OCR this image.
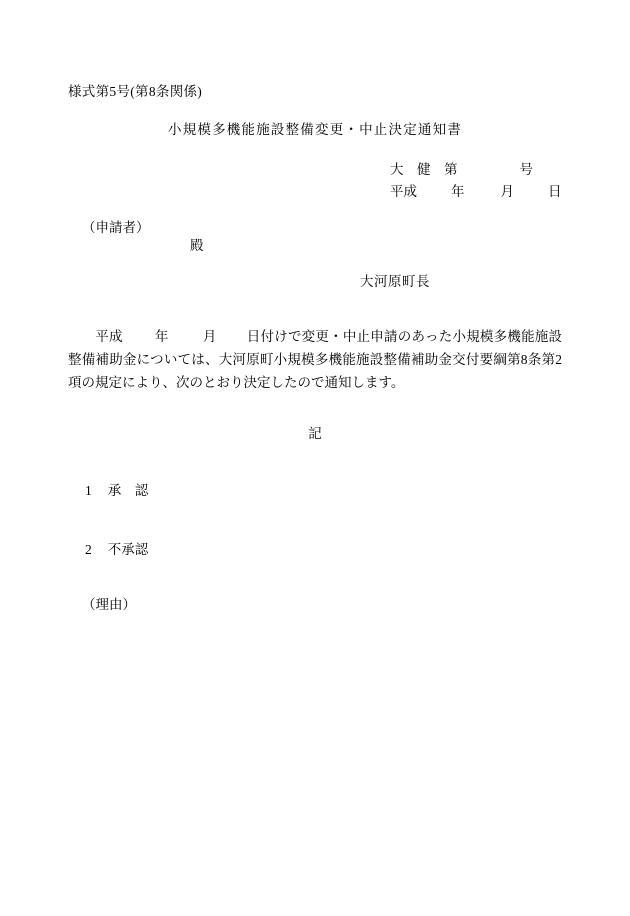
様式第5号(第8条関係)
小規模多機能施設整備変更・中止決定通知書
大　健　第	号
平成	年	月	日
（申請者）
殿
大河原町長
平成 年	月 日付けで変更・中止申請のあった小規模多機能施設整備補助金については、大河原町小規模多機能施設整備補助金交付要綱第8条第2項の規定により、次のとおり決定したので通知します。
記
1 承　認
2 不承認
（理由）
